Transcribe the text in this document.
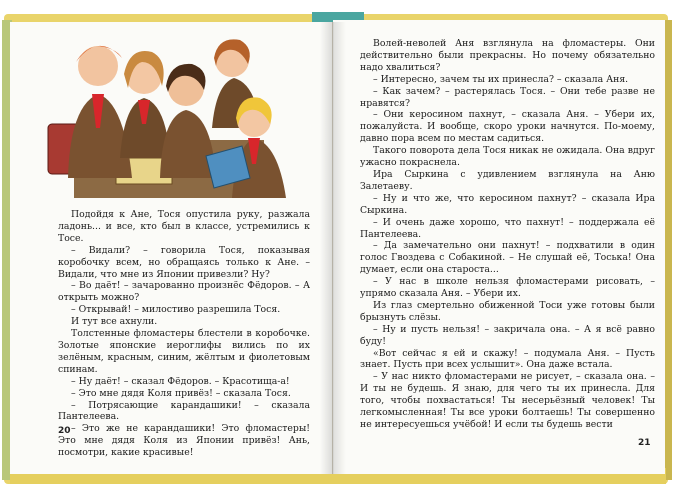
Подойдя к Ане, Тося опустила руку, разжала ладонь... и все, кто был в классе, устремились к Тосе.

– Видали? – говорила Тося, показывая коробочку всем, но обращаясь только к Ане. – Видали, что мне из Японии привезли? Ну?

– Во даёт! – зачарованно произнёс Фёдоров. – А открыть можно?

– Открывай! – милостиво разрешила Тося.

И тут все ахнули.

Толстенные фломастеры блестели в коробочке. Золотые японские иероглифы вились по их зелёным, красным, синим, жёлтым и фиолетовым спинам.

– Ну даёт! – сказал Фёдоров. – Красотища-а!

– Это мне дядя Коля привёз! – сказала Тося.

– Потрясающие карандашики! – сказала Пантелеева.

– Это же не карандашики! Это фломастеры! Это мне дядя Коля из Японии привёз! Ань, посмотри, какие красивые!

20

Волей-неволей Аня взглянула на фломастеры. Они действительно были прекрасны. Но почему обязательно надо хвалиться?

– Интересно, зачем ты их принесла? – сказала Аня.

– Как зачем? – растерялась Тося. – Они тебе разве не нравятся?

– Они керосином пахнут, – сказала Аня. – Убери их, пожалуйста. И вообще, скоро уроки начнутся. По-моему, давно пора всем по местам садиться.

Такого поворота дела Тося никак не ожидала. Она вдруг ужасно покраснела.

Ира Сыркина с удивлением взглянула на Аню Залетаеву.

– Ну и что же, что керосином пахнут? – сказала Ира Сыркина.

– И очень даже хорошо, что пахнут! – поддержала её Пантелеева.

– Да замечательно они пахнут! – подхватили в один голос Гвоздева с Собакиной. – Не слушай её, Тоська! Она думает, если она староста...

– У нас в школе нельзя фломастерами рисовать, – упрямо сказала Аня. – Убери их.

Из глаз смертельно обиженной Тоси уже готовы были брызнуть слёзы.

– Ну и пусть нельзя! – закричала она. – А я всё равно буду!

«Вот сейчас я ей и скажу! – подумала Аня. – Пусть знает. Пусть при всех услышит». Она даже встала.

– У нас никто фломастерами не рисует, – сказала она. – И ты не будешь. Я знаю, для чего ты их принесла. Для того, чтобы похвастаться! Ты несерьёзный человек! Ты легкомысленная! Ты все уроки болтаешь! Ты совершенно не интересуешься учёбой! И если ты будешь вести

21
